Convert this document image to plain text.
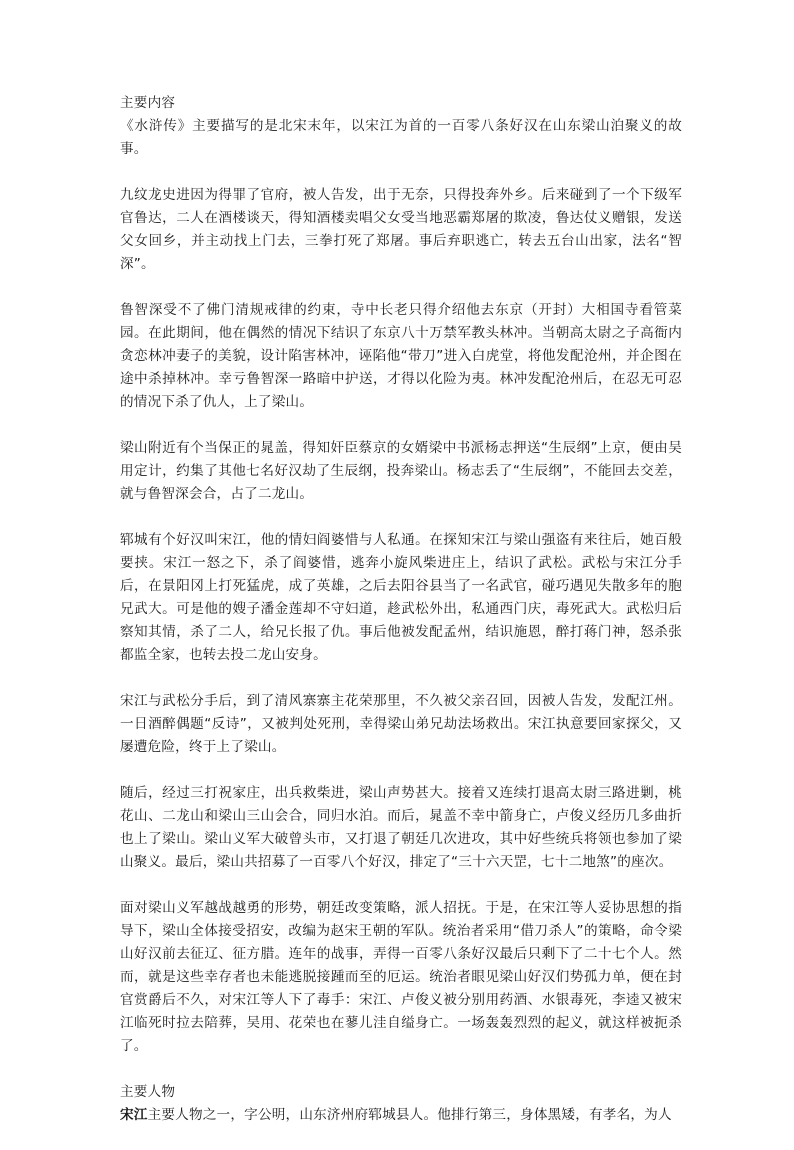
主要内容

《水浒传》主要描写的是北宋末年，以宋江为首的一百零八条好汉在山东梁山泊聚义的故事。

九纹龙史进因为得罪了官府，被人告发，出于无奈，只得投奔外乡。后来碰到了一个下级军官鲁达，二人在酒楼谈天，得知酒楼卖唱父女受当地恶霸郑屠的欺凌，鲁达仗义赠银，发送父女回乡，并主动找上门去，三拳打死了郑屠。事后弃职逃亡，转去五台山出家，法名“智深”。

鲁智深受不了佛门清规戒律的约束，寺中长老只得介绍他去东京（开封）大相国寺看管菜园。在此期间，他在偶然的情况下结识了东京八十万禁军教头林冲。当朝高太尉之子高衙内贪恋林冲妻子的美貌，设计陷害林冲，诬陷他“带刀”进入白虎堂，将他发配沧州，并企图在途中杀掉林冲。幸亏鲁智深一路暗中护送，才得以化险为夷。林冲发配沧州后，在忍无可忍的情况下杀了仇人，上了梁山。

梁山附近有个当保正的晁盖，得知奸臣蔡京的女婿梁中书派杨志押送“生辰纲”上京，便由吴用定计，约集了其他七名好汉劫了生辰纲，投奔梁山。杨志丢了“生辰纲”，不能回去交差，就与鲁智深会合，占了二龙山。

郓城有个好汉叫宋江，他的情妇阎婆惜与人私通。在探知宋江与梁山强盗有来往后，她百般要挟。宋江一怒之下，杀了阎婆惜，逃奔小旋风柴进庄上，结识了武松。武松与宋江分手后，在景阳冈上打死猛虎，成了英雄，之后去阳谷县当了一名武官，碰巧遇见失散多年的胞兄武大。可是他的嫂子潘金莲却不守妇道，趁武松外出，私通西门庆，毒死武大。武松归后察知其情，杀了二人，给兄长报了仇。事后他被发配孟州，结识施恩，醉打蒋门神，怒杀张都监全家，也转去投二龙山安身。

宋江与武松分手后，到了清风寨寨主花荣那里，不久被父亲召回，因被人告发，发配江州。一日酒醉偶题“反诗”，又被判处死刑，幸得梁山弟兄劫法场救出。宋江执意要回家探父，又屡遭危险，终于上了梁山。

随后，经过三打祝家庄，出兵救柴进，梁山声势甚大。接着又连续打退高太尉三路进剿，桃花山、二龙山和梁山三山会合，同归水泊。而后，晁盖不幸中箭身亡，卢俊义经历几多曲折也上了梁山。梁山义军大破曾头市，又打退了朝廷几次进攻，其中好些统兵将领也参加了梁山聚义。最后，梁山共招募了一百零八个好汉，排定了“三十六天罡，七十二地煞”的座次。

面对梁山义军越战越勇的形势，朝廷改变策略，派人招抚。于是，在宋江等人妥协思想的指导下，梁山全体接受招安，改编为赵宋王朝的军队。统治者采用“借刀杀人”的策略，命令梁山好汉前去征辽、征方腊。连年的战事，弄得一百零八条好汉最后只剩下了二十七个人。然而，就是这些幸存者也未能逃脱接踵而至的厄运。统治者眼见梁山好汉们势孤力单，便在封官赏爵后不久，对宋江等人下了毒手：宋江、卢俊义被分别用药酒、水银毒死，李逵又被宋江临死时拉去陪葬，吴用、花荣也在蓼儿洼自缢身亡。一场轰轰烈烈的起义，就这样被扼杀了。

主要人物

宋江主要人物之一，字公明，山东济州府郓城县人。他排行第三，身体黑矮，有孝名，为人
